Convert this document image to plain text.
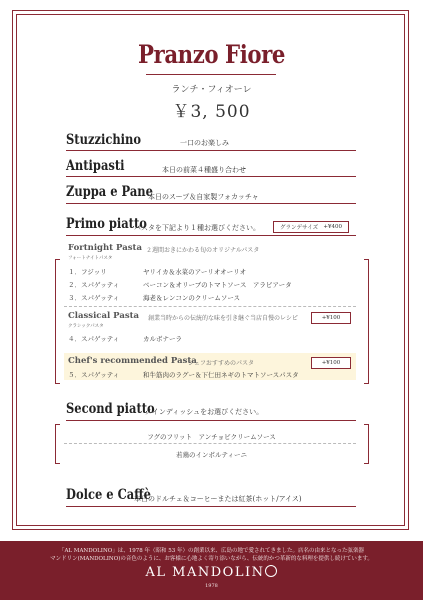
Pranzo Fiore
ランチ・フィオーレ
￥3, 500
Stuzzichino	一口のお楽しみ
Antipasti	本日の前菜４種盛り合わせ
Zuppa e Pane
本日のスープ＆自家製フォカッチャ
Primo piatto
パスタを下記より１種お選びください。	グランデサイズ
+¥400
Fortnight Pasta ２週間おきにかわる旬のオリジナルパスタ
フォートナイトパスタ
１．フジッリ	ヤリイカ＆水菜のアーリオオーリオ
２．スパゲッティ	ベーコン＆オリーブのトマトソース　アラビアータ
３．スパゲッティ	海老＆レンコンのクリームソース
Classical Pasta 創業当時からの伝統的な味を引き継ぐ当店自慢のレシピ
クラシックパスタ
+¥100
４．スパゲッティ	カルボナーラ
Chef's recommended Pasta
シェフおすすめのパスタ	+¥100
５．スパゲッティ	和牛筋肉のラグー＆下仁田ネギのトマトソースパスタ
Second piatto
メインディッシュをお選びください。
フグのフリット　アンチョビクリームソース
若鶏のインボルティーニ
Dolce e Caffè
本日のドルチェ＆コーヒーまたは紅茶(ホット/アイス)
「AL MANDOLINO」は、1978 年（昭和 53 年）の創業以来、広島の地で愛されてきました。店名の由来となった弦楽器
マンドリン(MANDOLINO)の音色のように、お客様に心地よく寄り添いながら、伝統的かつ革新的な料理を提供し続けています。
AL MANDOLIN
1978
